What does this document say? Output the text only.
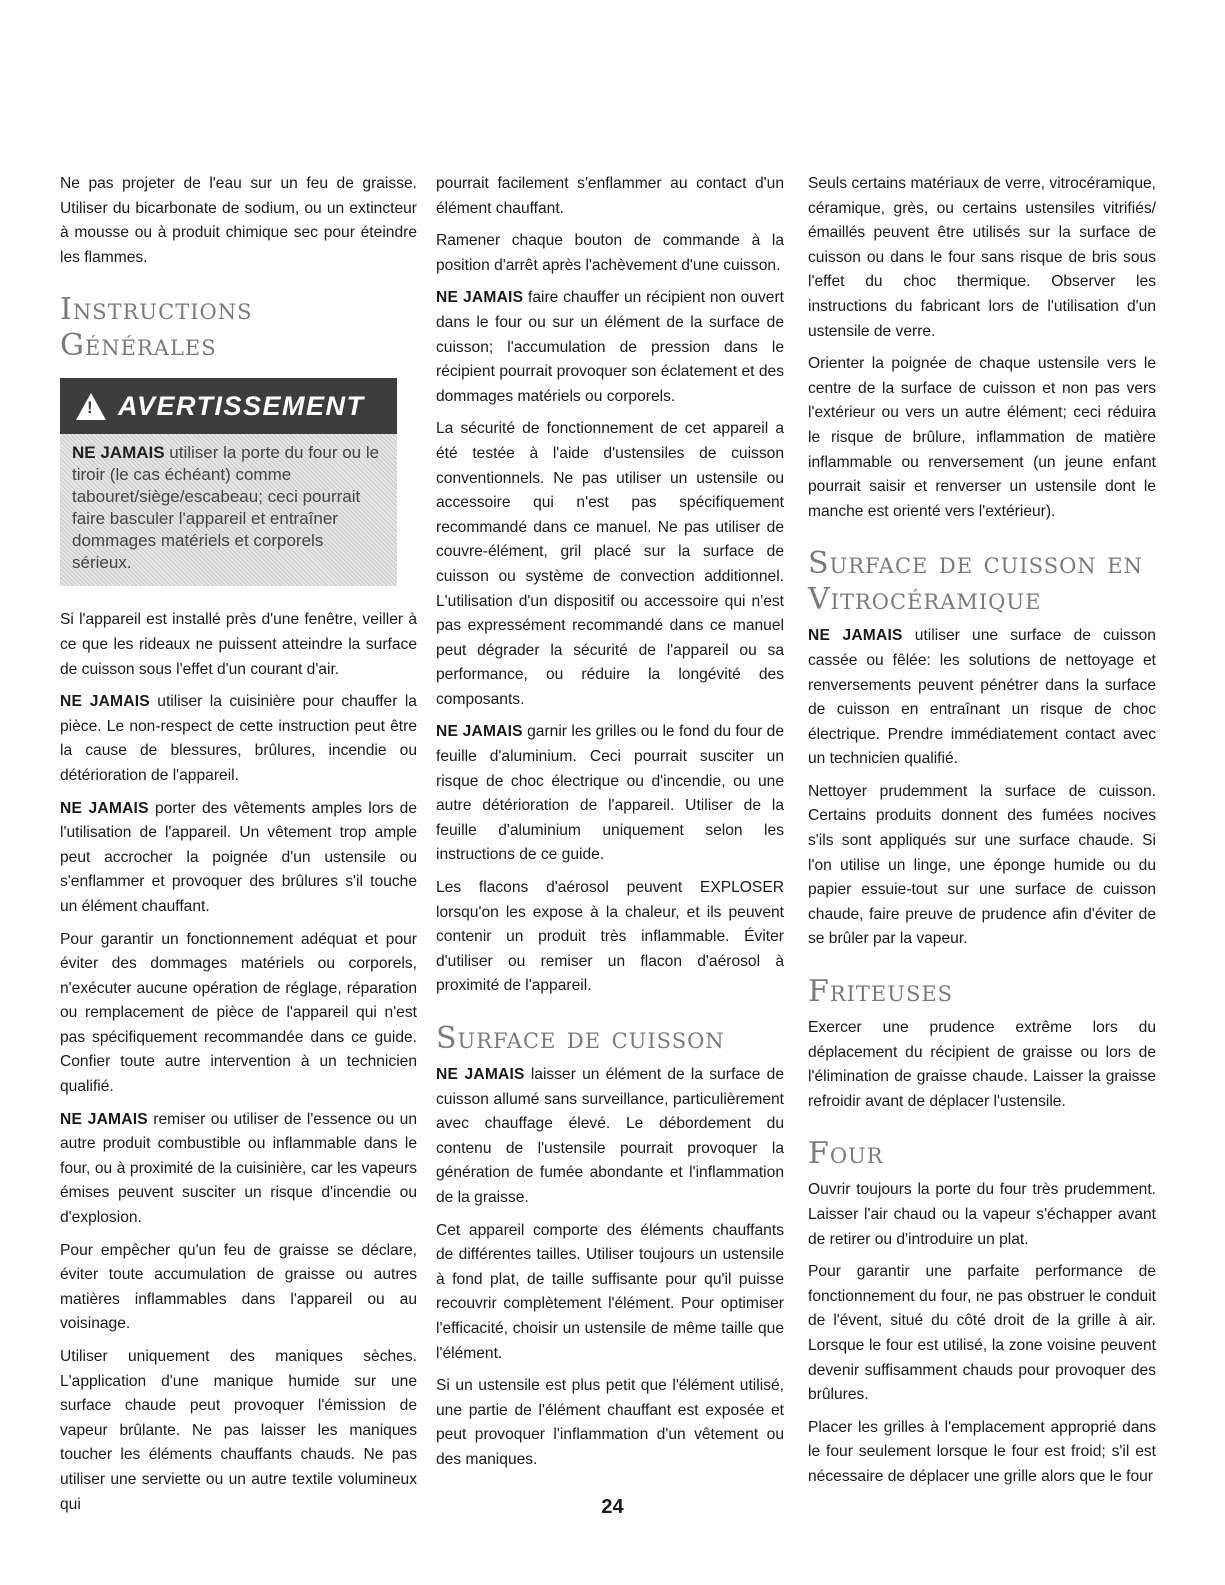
Ne pas projeter de l'eau sur un feu de graisse. Utiliser du bicarbonate de sodium, ou un extincteur à mousse ou à produit chimique sec pour éteindre les flammes.

Instructions
Générales
! AVERTISSEMENT
NE JAMAIS utiliser la porte du four ou le tiroir (le cas échéant) comme tabouret/siège/escabeau; ceci pourrait faire basculer l'appareil et entraîner dommages matériels et corporels sérieux.

Si l'appareil est installé près d'une fenêtre, veiller à ce que les rideaux ne puissent atteindre la surface de cuisson sous l'effet d'un courant d'air.

NE JAMAIS utiliser la cuisinière pour chauffer la pièce. Le non-respect de cette instruction peut être la cause de blessures, brûlures, incendie ou détérioration de l'appareil.

NE JAMAIS porter des vêtements amples lors de l'utilisation de l'appareil. Un vêtement trop ample peut accrocher la poignée d'un ustensile ou s'enflammer et provoquer des brûlures s'il touche un élément chauffant.

Pour garantir un fonctionnement adéquat et pour éviter des dommages matériels ou corporels, n'exécuter aucune opération de réglage, réparation ou remplacement de pièce de l'appareil qui n'est pas spécifiquement recommandée dans ce guide. Confier toute autre intervention à un technicien qualifié.

NE JAMAIS remiser ou utiliser de l'essence ou un autre produit combustible ou inflammable dans le four, ou à proximité de la cuisinière, car les vapeurs émises peuvent susciter un risque d'incendie ou d'explosion.

Pour empêcher qu'un feu de graisse se déclare, éviter toute accumulation de graisse ou autres matières inflammables dans l'appareil ou au voisinage.

Utiliser uniquement des maniques sèches. L'application d'une manique humide sur une surface chaude peut provoquer l'émission de vapeur brûlante. Ne pas laisser les maniques toucher les éléments chauffants chauds. Ne pas utiliser une serviette ou un autre textile volumineux qui

pourrait facilement s'enflammer au contact d'un élément chauffant.

Ramener chaque bouton de commande à la position d'arrêt après l'achèvement d'une cuisson.

NE JAMAIS faire chauffer un récipient non ouvert dans le four ou sur un élément de la surface de cuisson; l'accumulation de pression dans le récipient pourrait provoquer son éclatement et des dommages matériels ou corporels.

La sécurité de fonctionnement de cet appareil a été testée à l'aide d'ustensiles de cuisson conventionnels. Ne pas utiliser un ustensile ou accessoire qui n'est pas spécifiquement recommandé dans ce manuel. Ne pas utiliser de couvre-élément, gril placé sur la surface de cuisson ou système de convection additionnel. L'utilisation d'un dispositif ou accessoire qui n'est pas expressément recommandé dans ce manuel peut dégrader la sécurité de l'appareil ou sa performance, ou réduire la longévité des composants.

NE JAMAIS garnir les grilles ou le fond du four de feuille d'aluminium. Ceci pourrait susciter un risque de choc électrique ou d'incendie, ou une autre détérioration de l'appareil. Utiliser de la feuille d'aluminium uniquement selon les instructions de ce guide.

Les flacons d'aérosol peuvent EXPLOSER lorsqu'on les expose à la chaleur, et ils peuvent contenir un produit très inflammable. Éviter d'utiliser ou remiser un flacon d'aérosol à proximité de l'appareil.

Surface de cuisson

NE JAMAIS laisser un élément de la surface de cuisson allumé sans surveillance, particulièrement avec chauffage élevé. Le débordement du contenu de l'ustensile pourrait provoquer la génération de fumée abondante et l'inflammation de la graisse.

Cet appareil comporte des éléments chauffants de différentes tailles. Utiliser toujours un ustensile à fond plat, de taille suffisante pour qu'il puisse recouvrir complètement l'élément. Pour optimiser l'efficacité, choisir un ustensile de même taille que l'élément.

Si un ustensile est plus petit que l'élément utilisé, une partie de l'élément chauffant est exposée et peut provoquer l'inflammation d'un vêtement ou des maniques.

Seuls certains matériaux de verre, vitrocéramique, céramique, grès, ou certains ustensiles vitrifiés/émaillés peuvent être utilisés sur la surface de cuisson ou dans le four sans risque de bris sous l'effet du choc thermique. Observer les instructions du fabricant lors de l'utilisation d'un ustensile de verre.

Orienter la poignée de chaque ustensile vers le centre de la surface de cuisson et non pas vers l'extérieur ou vers un autre élément; ceci réduira le risque de brûlure, inflammation de matière inflammable ou renversement (un jeune enfant pourrait saisir et renverser un ustensile dont le manche est orienté vers l'extérieur).

Surface de cuisson en
Vitrocéramique

NE JAMAIS utiliser une surface de cuisson cassée ou fêlée: les solutions de nettoyage et renversements peuvent pénétrer dans la surface de cuisson en entraînant un risque de choc électrique. Prendre immédiatement contact avec un technicien qualifié.

Nettoyer prudemment la surface de cuisson. Certains produits donnent des fumées nocives s'ils sont appliqués sur une surface chaude. Si l'on utilise un linge, une éponge humide ou du papier essuie-tout sur une surface de cuisson chaude, faire preuve de prudence afin d'éviter de se brûler par la vapeur.

Friteuses

Exercer une prudence extrême lors du déplacement du récipient de graisse ou lors de l'élimination de graisse chaude. Laisser la graisse refroidir avant de déplacer l'ustensile.

Four

Ouvrir toujours la porte du four très prudemment. Laisser l'air chaud ou la vapeur s'échapper avant de retirer ou d'introduire un plat.

Pour garantir une parfaite performance de fonctionnement du four, ne pas obstruer le conduit de l'évent, situé du côté droit de la grille à air. Lorsque le four est utilisé, la zone voisine peuvent devenir suffisamment chauds pour provoquer des brûlures.

Placer les grilles à l'emplacement approprié dans le four seulement lorsque le four est froid; s'il est nécessaire de déplacer une grille alors que le four

24
